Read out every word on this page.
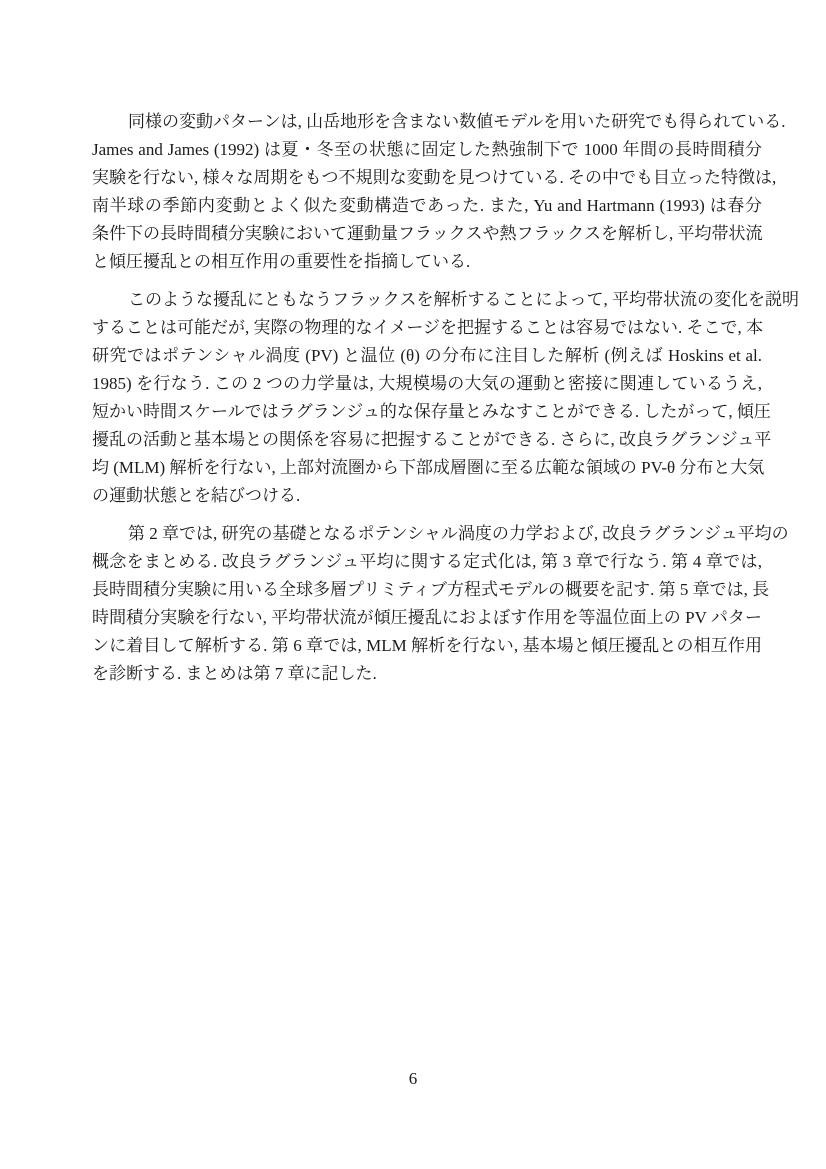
同様の変動パターンは, 山岳地形を含まない数値モデルを用いた研究でも得られている.
James and James (1992) は夏・冬至の状態に固定した熱強制下で 1000 年間の長時間積分
実験を行ない, 様々な周期をもつ不規則な変動を見つけている. その中でも目立った特徴は,
南半球の季節内変動とよく似た変動構造であった. また, Yu and Hartmann (1993) は春分
条件下の長時間積分実験において運動量フラックスや熱フラックスを解析し, 平均帯状流
と傾圧擾乱との相互作用の重要性を指摘している.
このような擾乱にともなうフラックスを解析することによって, 平均帯状流の変化を説明
することは可能だが, 実際の物理的なイメージを把握することは容易ではない. そこで, 本
研究ではポテンシャル渦度 (PV) と温位 (θ) の分布に注目した解析 (例えば Hoskins et al.
1985) を行なう. この 2 つの力学量は, 大規模場の大気の運動と密接に関連しているうえ,
短かい時間スケールではラグランジュ的な保存量とみなすことができる. したがって, 傾圧
擾乱の活動と基本場との関係を容易に把握することができる. さらに, 改良ラグランジュ平
均 (MLM) 解析を行ない, 上部対流圏から下部成層圏に至る広範な領域の PV-θ 分布と大気
の運動状態とを結びつける.
第 2 章では, 研究の基礎となるポテンシャル渦度の力学および, 改良ラグランジュ平均の
概念をまとめる. 改良ラグランジュ平均に関する定式化は, 第 3 章で行なう. 第 4 章では,
長時間積分実験に用いる全球多層プリミティブ方程式モデルの概要を記す. 第 5 章では, 長
時間積分実験を行ない, 平均帯状流が傾圧擾乱におよぼす作用を等温位面上の PV パター
ンに着目して解析する. 第 6 章では, MLM 解析を行ない, 基本場と傾圧擾乱との相互作用
を診断する. まとめは第 7 章に記した.
6
